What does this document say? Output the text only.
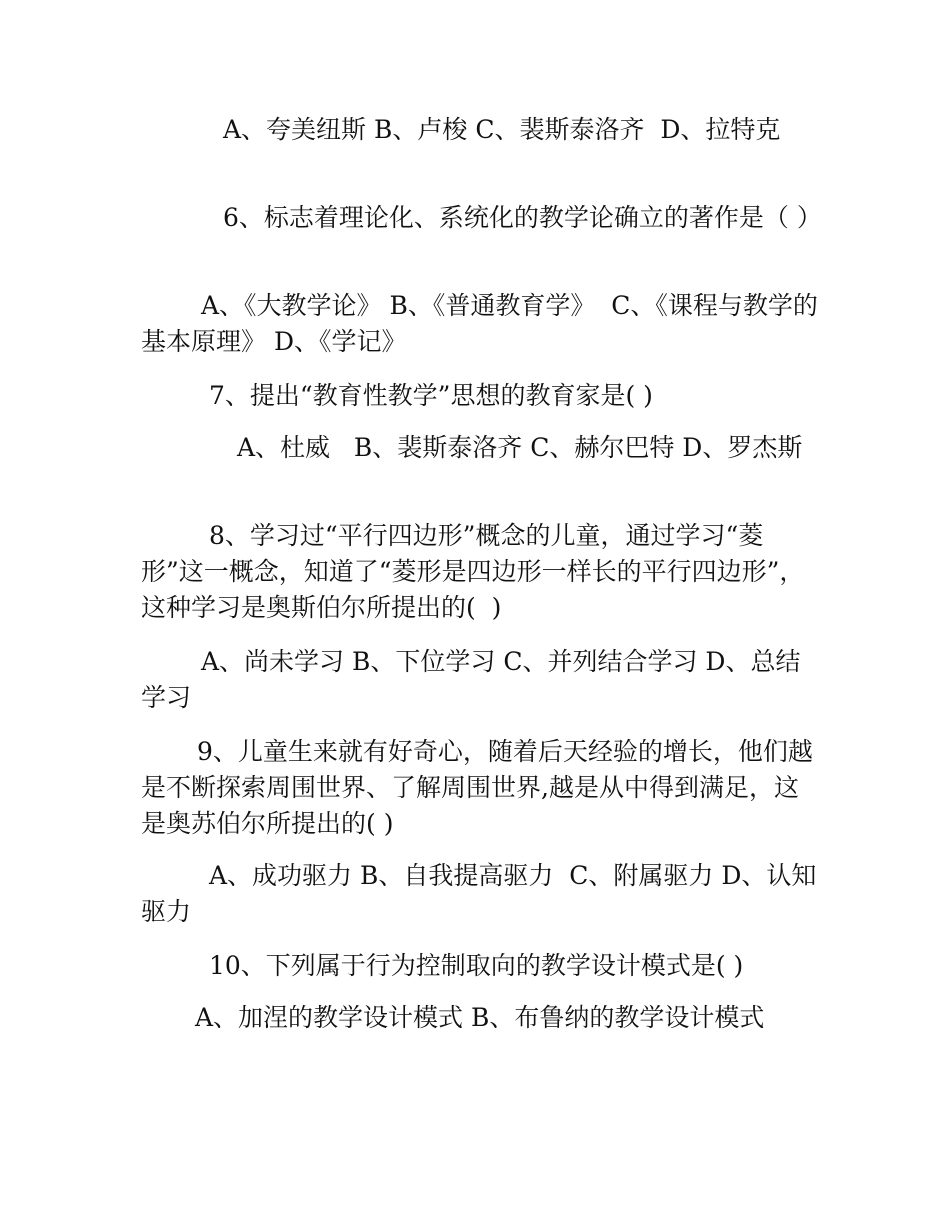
A、夸美纽斯 B、卢梭 C、裴斯泰洛齐  D、拉特克

6、标志着理论化、系统化的教学论确立的著作是（ ）

A、《大教学论》 B、《普通教育学》  C、《课程与教学的基本原理》 D、《学记》

7、提出“教育性教学”思想的教育家是( )

A、杜威   B、裴斯泰洛齐 C、赫尔巴特 D、罗杰斯

8、学习过“平行四边形”概念的儿童，通过学习“菱形”这一概念，知道了“菱形是四边形一样长的平行四边形”，这种学习是奥斯伯尔所提出的(  )

A、尚未学习 B、下位学习 C、并列结合学习 D、总结学习

9、儿童生来就有好奇心，随着后天经验的增长，他们越是不断探索周围世界、了解周围世界,越是从中得到满足，这是奥苏伯尔所提出的( )

A、成功驱力 B、自我提高驱力  C、附属驱力 D、认知驱力

10、下列属于行为控制取向的教学设计模式是( )

A、加涅的教学设计模式 B、布鲁纳的教学设计模式
